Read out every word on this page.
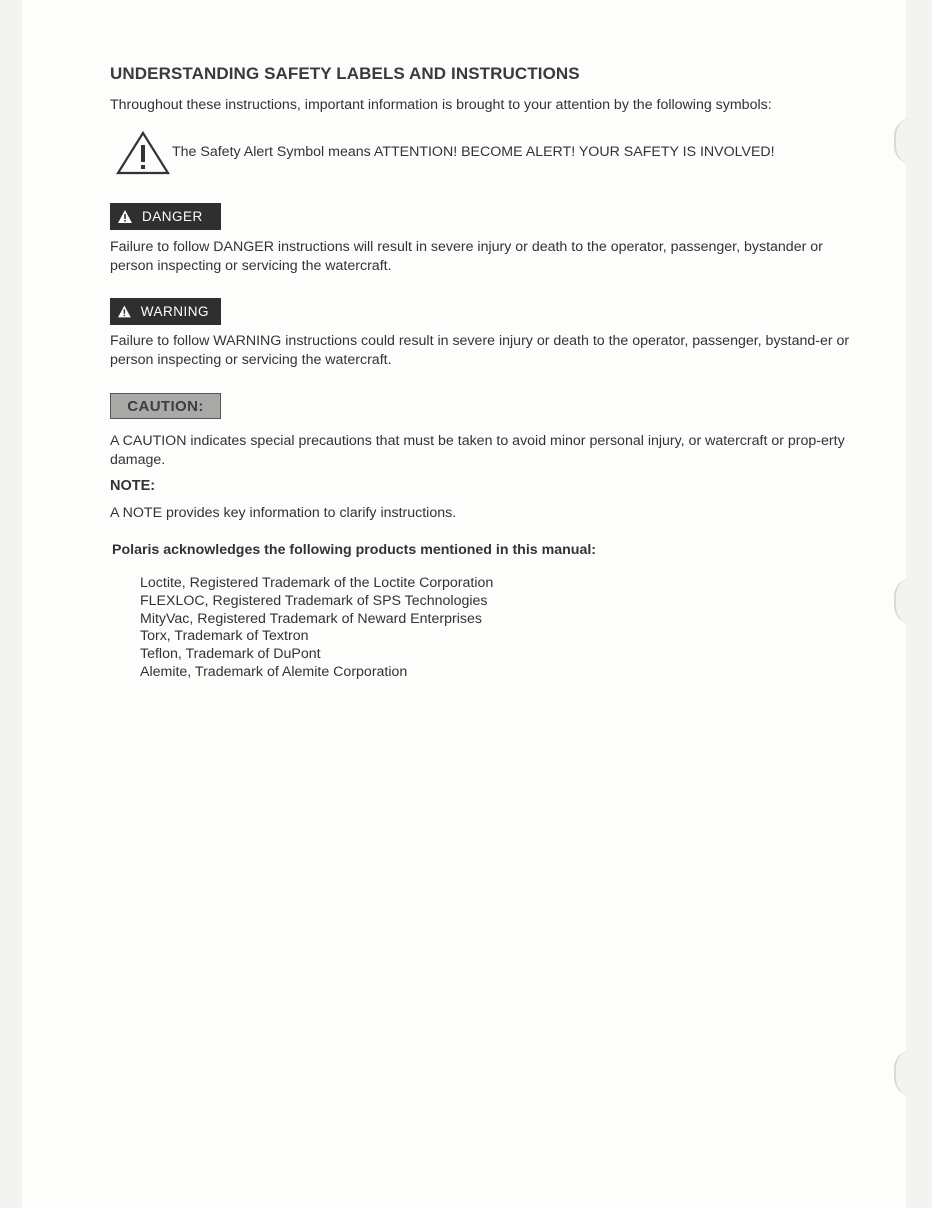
UNDERSTANDING SAFETY LABELS AND INSTRUCTIONS
Throughout these instructions, important information is brought to your attention by the following symbols:
The Safety Alert Symbol means ATTENTION! BECOME ALERT! YOUR SAFETY IS INVOLVED!
DANGER
Failure to follow DANGER instructions will result in severe injury or death to the operator, passenger, bystander or person inspecting or servicing the watercraft.
WARNING
Failure to follow WARNING instructions could result in severe injury or death to the operator, passenger, bystand-er or person inspecting or servicing the watercraft.
CAUTION:
A CAUTION indicates special precautions that must be taken to avoid minor personal injury, or watercraft or prop-erty damage.
NOTE:
A NOTE provides key information to clarify instructions.
Polaris acknowledges the following products mentioned in this manual:
Loctite, Registered Trademark of the Loctite Corporation
FLEXLOC, Registered Trademark of SPS Technologies
MityVac, Registered Trademark of Neward Enterprises
Torx, Trademark of Textron
Teflon, Trademark of DuPont
Alemite, Trademark of Alemite Corporation
